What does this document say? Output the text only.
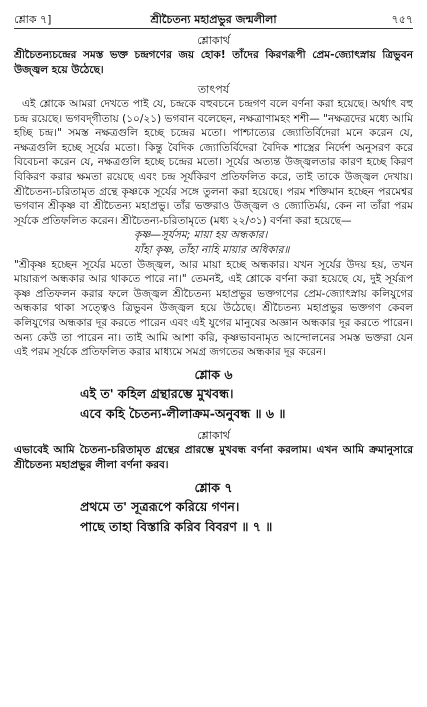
শ্লোক ৭]	শ্রীচৈতন্য মহাপ্রভুর জন্মলীলা	৭৫৭

শ্লোকার্থ

শ্রীচৈতন্যচন্দ্রের সমস্ত ভক্ত চন্দ্রগণের জয় হোক! তাঁদের কিরণরূপী প্রেম-জ্যোৎস্নায় ত্রিভুবন উজ্জ্বল হয়ে উঠেছে।

তাৎপর্য

এই শ্লোকে আমরা দেখতে পাই যে, চন্দ্রকে বহুবচনে চন্দ্রগণ বলে বর্ণনা করা হয়েছে। অর্থাৎ বহু চন্দ্র রয়েছে। ভগবদ্‌গীতায় (১০/২১) ভগবান বলেছেন, নক্ষত্রাণামহং শশী— "নক্ষত্রদের মধ্যে আমি হচ্ছি চন্দ্র।" সমস্ত নক্ষত্রগুলি হচ্ছে চন্দ্রের মতো। পাশ্চাত্যের জ্যোতির্বিদেরা মনে করেন যে, নক্ষত্রগুলি হচ্ছে সূর্যের মতো। কিন্তু বৈদিক জ্যোতির্বিদেরা বৈদিক শাস্ত্রের নির্দেশ অনুসরণ করে বিবেচনা করেন যে, নক্ষত্রগুলি হচ্ছে চন্দ্রের মতো। সূর্যের অত্যন্ত উজ্জ্বলতার কারণ হচ্ছে কিরণ বিকিরণ করার ক্ষমতা রয়েছে এবং চন্দ্র সূর্যকিরণ প্রতিফলিত করে, তাই তাকে উজ্জ্বল দেখায়। শ্রীচৈতন্য-চরিতামৃত গ্রন্থে কৃষ্ণকে সূর্যের সঙ্গে তুলনা করা হয়েছে। পরম শক্তিমান হচ্ছেন পরমেশ্বর ভগবান শ্রীকৃষ্ণ বা শ্রীচৈতন্য মহাপ্রভু। তাঁর ভক্তরাও উজ্জ্বল ও জ্যোতির্ময়, কেন না তাঁরা পরম সূর্যকে প্রতিফলিত করেন। শ্রীচৈতন্য-চরিতামৃতে (মধ্য ২২/৩১) বর্ণনা করা হয়েছে—

কৃষ্ণ—সূর্যসম; মায়া হয় অন্ধকার।

যাঁহা কৃষ্ণ, তাঁহা নাহি মায়ার অধিকার॥

"শ্রীকৃষ্ণ হচ্ছেন সূর্যের মতো উজ্জ্বল, আর মায়া হচ্ছে অন্ধকার। যখন সূর্যের উদয় হয়, তখন মায়ারূপ অন্ধকার আর থাকতে পারে না।" তেমনই, এই শ্লোকে বর্ণনা করা হয়েছে যে, দুই সূর্যরূপ কৃষ্ণ প্রতিফলন করার ফলে উজ্জ্বল শ্রীচৈতন্য মহাপ্রভুর ভক্তগণের প্রেম-জ্যোৎস্নায় কলিযুগের অন্ধকার থাকা সত্ত্বেও ত্রিভুবন উজ্জ্বল হয়ে উঠেছে। শ্রীচৈতন্য মহাপ্রভুর ভক্তগণ কেবল কলিযুগের অন্ধকার দূর করতে পারেন এবং এই যুগের মানুষের অজ্ঞান অন্ধকার দূর করতে পারেন। অন্য কেউ তা পারেন না। তাই আমি আশা করি, কৃষ্ণভাবনামৃত আন্দোলনের সমস্ত ভক্তরা যেন এই পরম সূর্যকে প্রতিফলিত করার মাধ্যমে সমগ্র জগতের অন্ধকার দূর করেন।

শ্লোক ৬

এই ত' কহিল গ্রন্থারম্ভে মুখবন্ধ।

এবে কহি চৈতন্য-লীলাক্রম-অনুবন্ধ ॥ ৬ ॥

শ্লোকার্থ

এভাবেই আমি চৈতন্য-চরিতামৃত গ্রন্থের প্রারম্ভে মুখবন্ধ বর্ণনা করলাম। এখন আমি ক্রমানুসারে শ্রীচৈতন্য মহাপ্রভুর লীলা বর্ণনা করব।

শ্লোক ৭

প্রথমে ত' সূত্ররূপে করিয়ে গণন।

পাছে তাহা বিস্তারি করিব বিবরণ ॥ ৭ ॥
